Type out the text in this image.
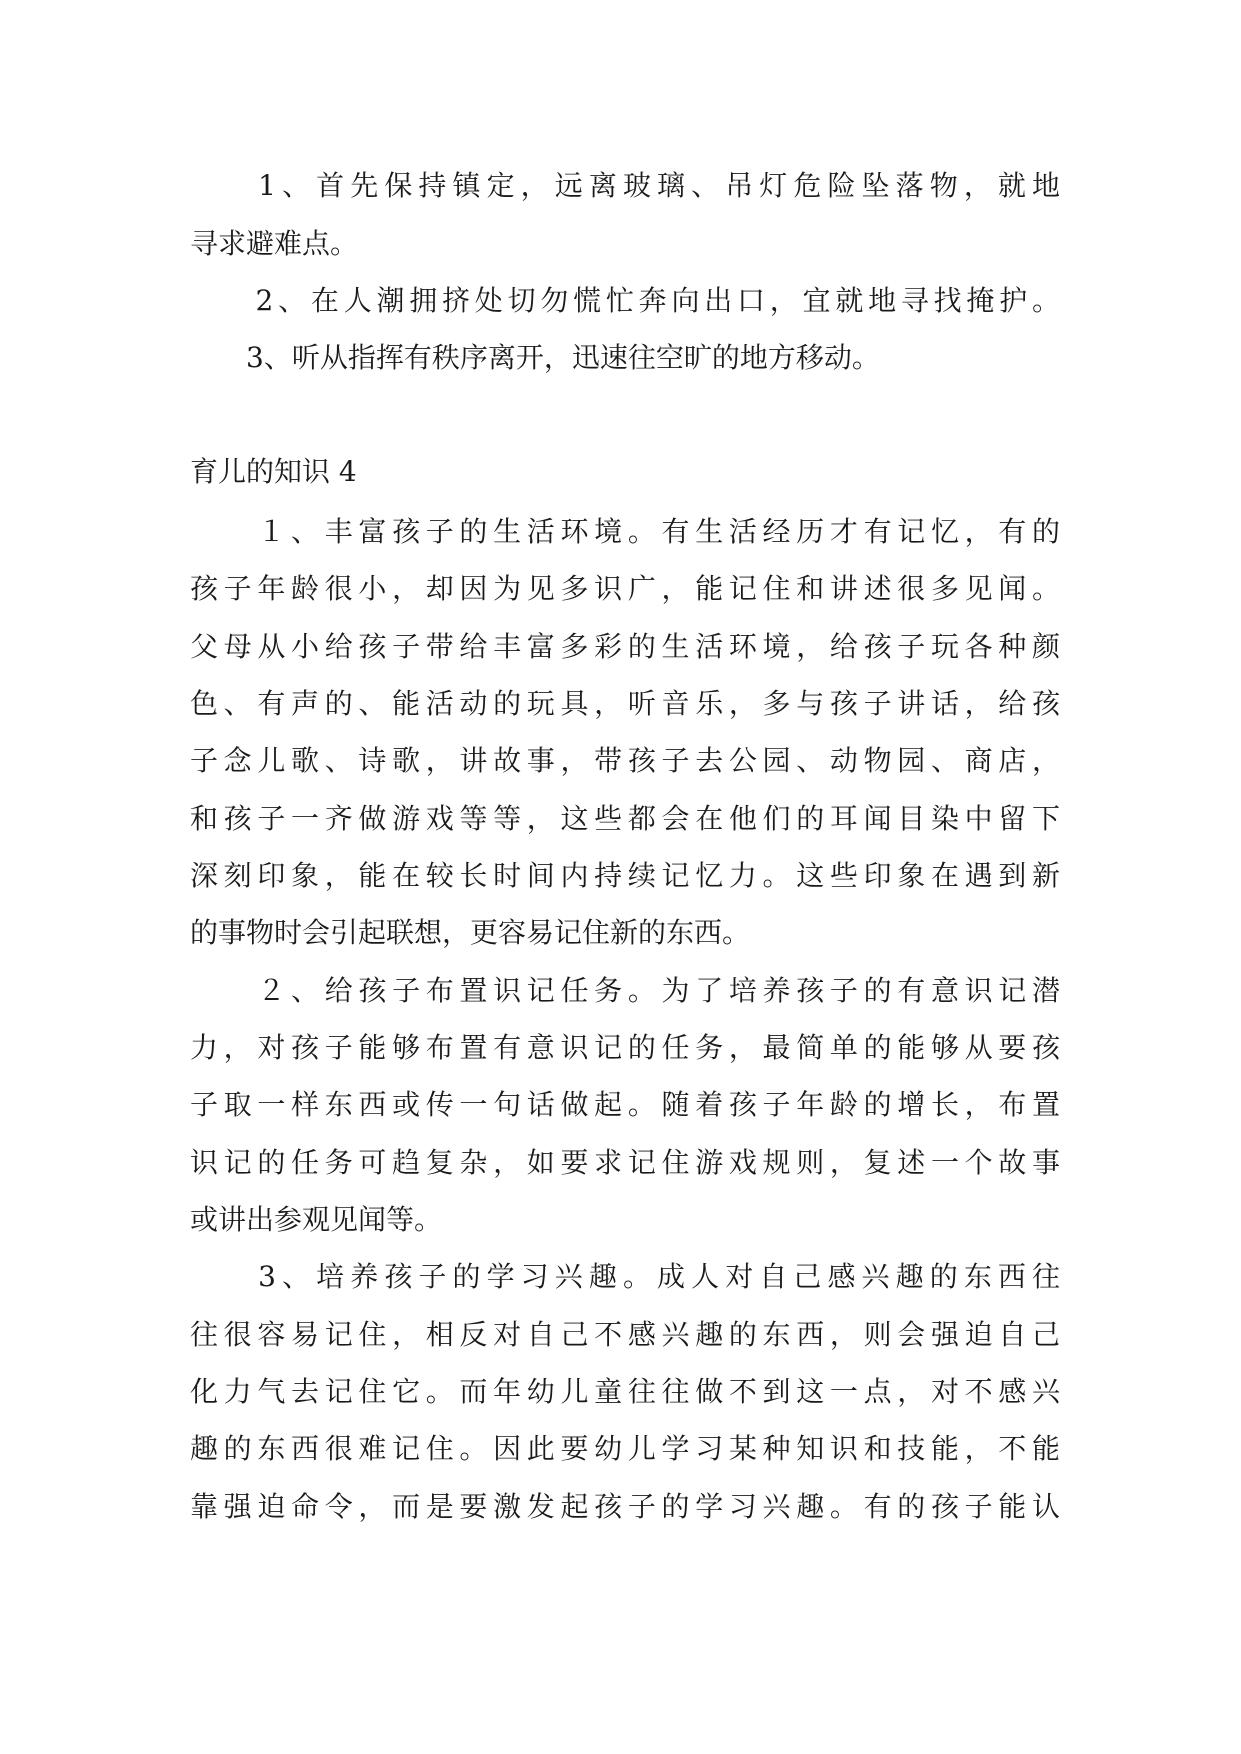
　　1、首先保持镇定，远离玻璃、吊灯危险坠落物，就地
寻求避难点。
　　2、在人潮拥挤处切勿慌忙奔向出口，宜就地寻找掩护。
　　3、听从指挥有秩序离开，迅速往空旷的地方移动。
育儿的知识 4
　　１、丰富孩子的生活环境。有生活经历才有记忆，有的
孩子年龄很小，却因为见多识广，能记住和讲述很多见闻。
父母从小给孩子带给丰富多彩的生活环境，给孩子玩各种颜
色、有声的、能活动的玩具，听音乐，多与孩子讲话，给孩
子念儿歌、诗歌，讲故事，带孩子去公园、动物园、商店，
和孩子一齐做游戏等等，这些都会在他们的耳闻目染中留下
深刻印象，能在较长时间内持续记忆力。这些印象在遇到新
的事物时会引起联想，更容易记住新的东西。
　　２、给孩子布置识记任务。为了培养孩子的有意识记潜
力，对孩子能够布置有意识记的任务，最简单的能够从要孩
子取一样东西或传一句话做起。随着孩子年龄的增长，布置
识记的任务可趋复杂，如要求记住游戏规则，复述一个故事
或讲出参观见闻等。
　　3、培养孩子的学习兴趣。成人对自己感兴趣的东西往
往很容易记住，相反对自己不感兴趣的东西，则会强迫自己
化力气去记住它。而年幼儿童往往做不到这一点，对不感兴
趣的东西很难记住。因此要幼儿学习某种知识和技能，不能
靠强迫命令，而是要激发起孩子的学习兴趣。有的孩子能认
